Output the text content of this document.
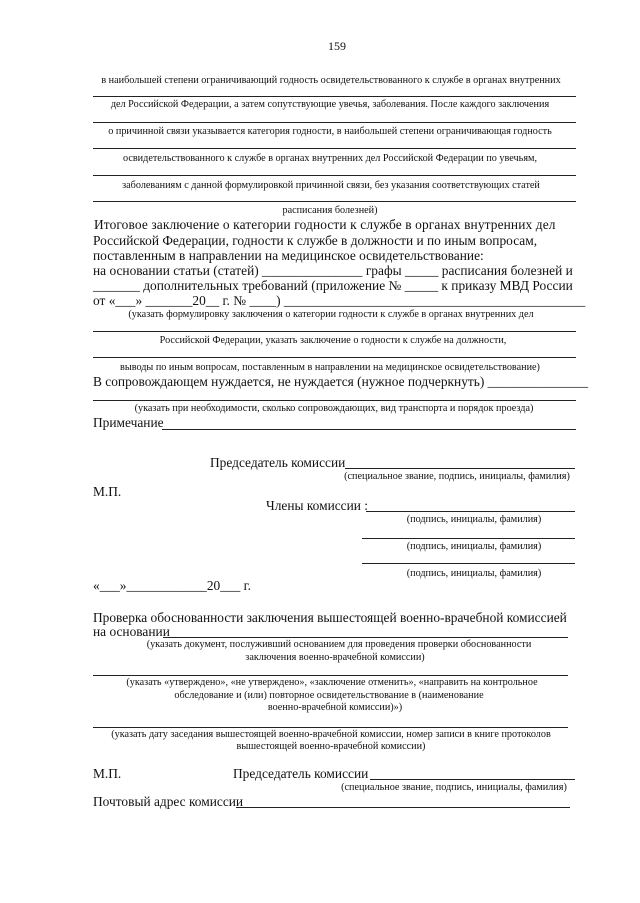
159
в наибольшей степени ограничивающий годность освидетельствованного к службе в органах внутренних
дел Российской Федерации, а затем сопутствующие увечья, заболевания. После каждого заключения
о причинной связи указывается категория годности, в наибольшей степени ограничивающая годность
освидетельствованного к службе в органах внутренних дел Российской Федерации по увечьям,
заболеваниям с данной формулировкой причинной связи, без указания соответствующих статей
расписания болезней)
Итоговое заключение о категории годности к службе в органах внутренних дел
Российской Федерации, годности к службе в должности и по иным вопросам,
поставленным в направлении на медицинское освидетельствование:
на основании статьи (статей) _______________ графы _____ расписания болезней и
_______ дополнительных требований (приложение № _____ к приказу МВД России
от «___» _______20__ г. № ____) _____________________________________________
(указать формулировку заключения о категории годности к службе в органах внутренних дел
Российской Федерации, указать заключение о годности к службе на должности,
выводы по иным вопросам, поставленным в направлении на медицинское освидетельствование)
В сопровождающем нуждается, не нуждается (нужное подчеркнуть) _______________
(указать при необходимости, сколько сопровождающих, вид транспорта и порядок проезда)
Примечание
Председатель комиссии
(специальное звание, подпись, инициалы, фамилия)
М.П.
Члены комиссии :
(подпись, инициалы, фамилия)
(подпись, инициалы, фамилия)
(подпись, инициалы, фамилия)
«___»____________20___ г.
Проверка обоснованности заключения вышестоящей военно-врачебной комиссией
на основании
(указать документ, послуживший основанием для проведения проверки обоснованности
заключения военно-врачебной комиссии)
(указать «утверждено», «не утверждено», «заключение отменить», «направить на контрольное
обследование и (или) повторное освидетельствование в (наименование
военно-врачебной комиссии)»)
(указать дату заседания вышестоящей военно-врачебной комиссии, номер записи в книге протоколов
вышестоящей военно-врачебной комиссии)
М.П.	Председатель комиссии
(специальное звание, подпись, инициалы, фамилия)
Почтовый адрес комиссии
